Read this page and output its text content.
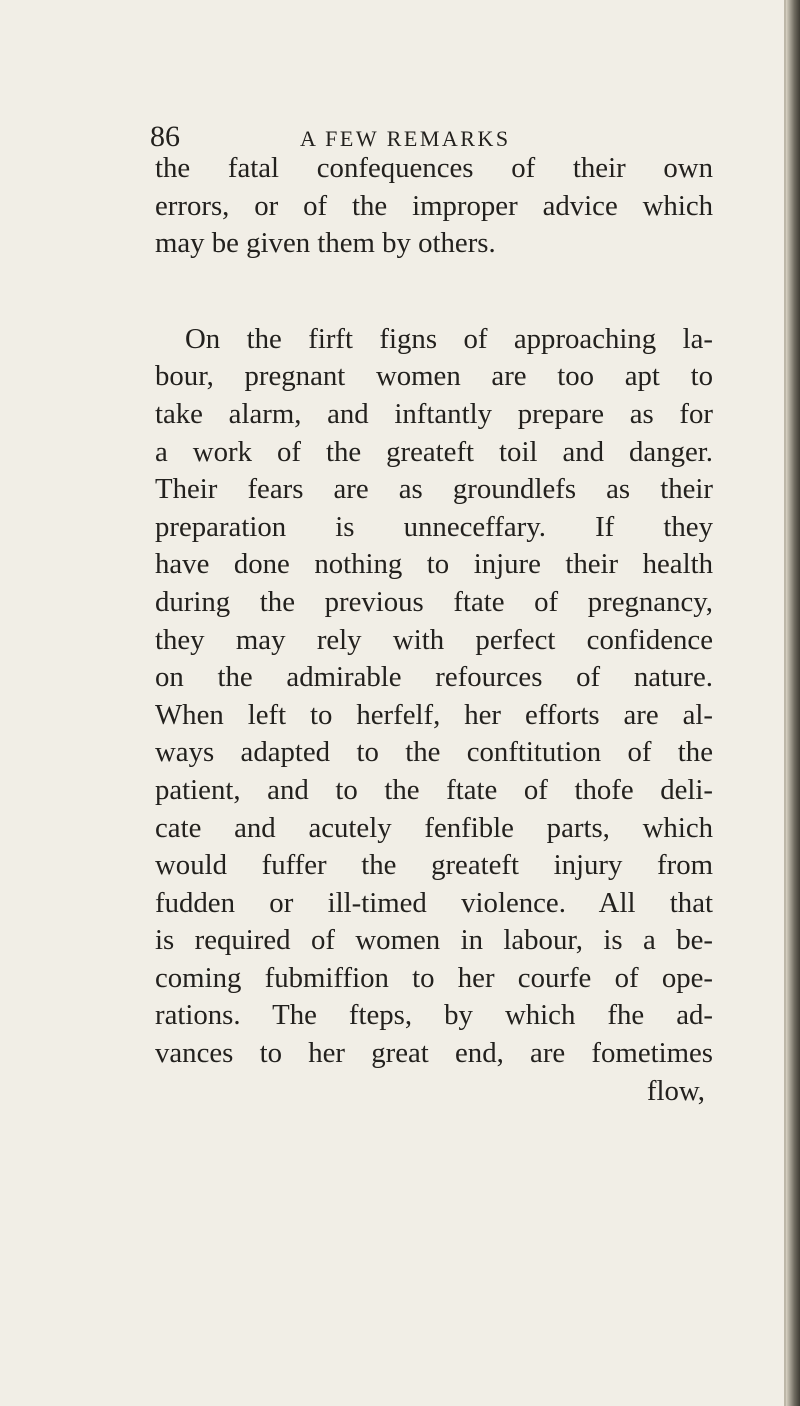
86	A FEW REMARKS
the fatal confequences of their own
errors, or of the improper advice which
may be given them by others.
On the firft figns of approaching la-
bour, pregnant women are too apt to
take alarm, and inftantly prepare as for
a work of the greateft toil and danger.
Their fears are as groundlefs as their
preparation is unneceffary. If they
have done nothing to injure their health
during the previous ftate of pregnancy,
they may rely with perfect confidence
on the admirable refources of nature.
When left to herfelf, her efforts are al-
ways adapted to the conftitution of the
patient, and to the ftate of thofe deli-
cate and acutely fenfible parts, which
would fuffer the greateft injury from
fudden or ill-timed violence. All that
is required of women in labour, is a be-
coming fubmiffion to her courfe of ope-
rations. The fteps, by which fhe ad-
vances to her great end, are fometimes
flow,
